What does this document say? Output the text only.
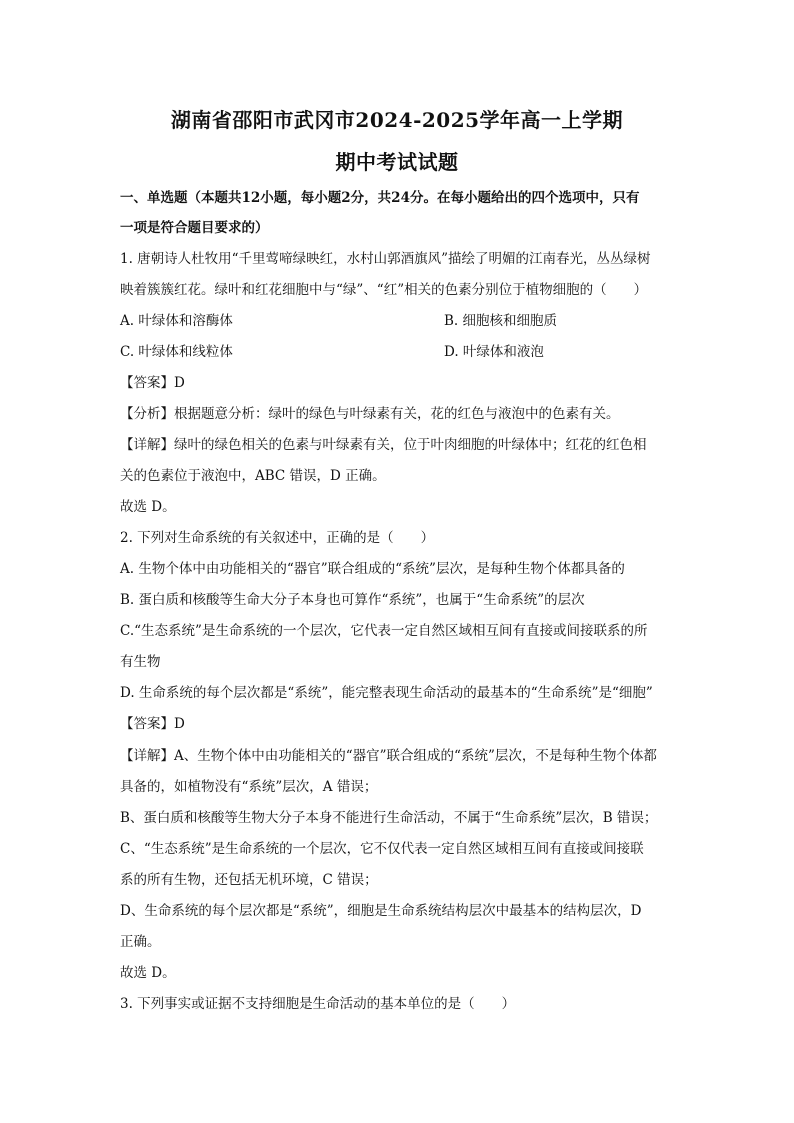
湖南省邵阳市武冈市2024-2025学年高一上学期
期中考试试题
一、单选题（本题共12小题，每小题2分，共24分。在每小题给出的四个选项中，只有
一项是符合题目要求的）
1. 唐朝诗人杜牧用“千里莺啼绿映红，水村山郭酒旗风”描绘了明媚的江南春光，丛丛绿树
映着簇簇红花。绿叶和红花细胞中与“绿”、“红”相关的色素分别位于植物细胞的（　　）
A. 叶绿体和溶酶体	B. 细胞核和细胞质
C. 叶绿体和线粒体	D. 叶绿体和液泡
【答案】D
【分析】根据题意分析：绿叶的绿色与叶绿素有关，花的红色与液泡中的色素有关。
【详解】绿叶的绿色相关的色素与叶绿素有关，位于叶肉细胞的叶绿体中；红花的红色相
关的色素位于液泡中，ABC 错误，D 正确。
故选 D。
2. 下列对生命系统的有关叙述中，正确的是（　　）
A. 生物个体中由功能相关的“器官”联合组成的“系统”层次，是每种生物个体都具备的
B. 蛋白质和核酸等生命大分子本身也可算作“系统”，也属于“生命系统”的层次
C.“生态系统”是生命系统的一个层次，它代表一定自然区域相互间有直接或间接联系的所
有生物
D. 生命系统的每个层次都是“系统”，能完整表现生命活动的最基本的“生命系统”是“细胞”
【答案】D
【详解】A、生物个体中由功能相关的“器官”联合组成的“系统”层次，不是每种生物个体都
具备的，如植物没有“系统”层次，A 错误；
B、蛋白质和核酸等生物大分子本身不能进行生命活动，不属于“生命系统”层次，B 错误；
C、“生态系统”是生命系统的一个层次，它不仅代表一定自然区域相互间有直接或间接联
系的所有生物，还包括无机环境，C 错误；
D、生命系统的每个层次都是“系统”，细胞是生命系统结构层次中最基本的结构层次，D
正确。
故选 D。
3. 下列事实或证据不支持细胞是生命活动的基本单位的是（　　）
